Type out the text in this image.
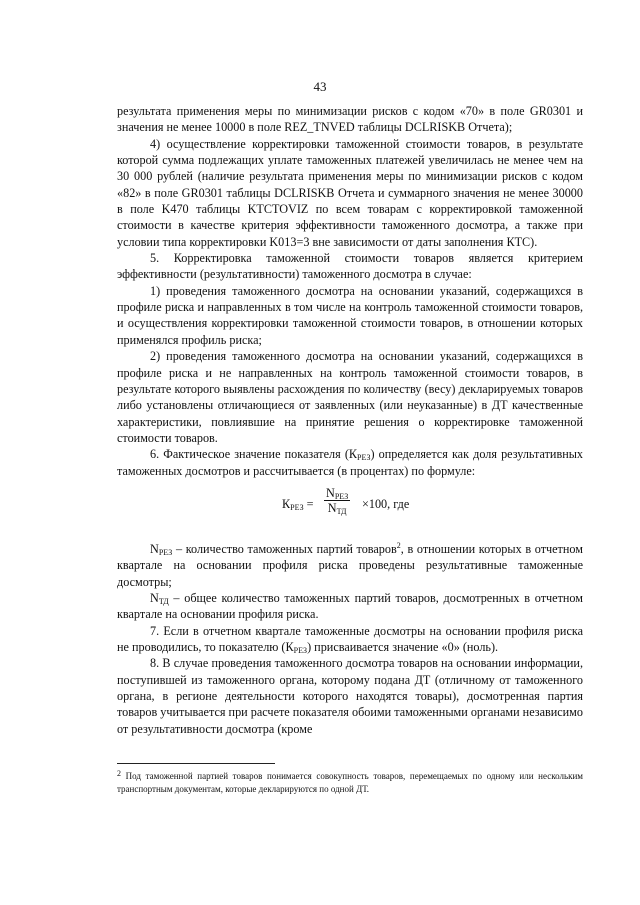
43

результата применения меры по минимизации рисков с кодом «70» в поле GR0301 и значения не менее 10000 в поле REZ_TNVED таблицы DCLRISKB Отчета);

4) осуществление корректировки таможенной стоимости товаров, в результате которой сумма подлежащих уплате таможенных платежей увеличилась не менее чем на 30 000 рублей (наличие результата применения меры по минимизации рисков с кодом «82» в поле GR0301 таблицы DCLRISKB Отчета и суммарного значения не менее 30000 в поле K470 таблицы KTCTOVIZ по всем товарам с корректировкой таможенной стоимости в качестве критерия эффективности таможенного досмотра, а также при условии типа корректировки K013=3 вне зависимости от даты заполнения КТС).

5. Корректировка таможенной стоимости товаров является критерием эффективности (результативности) таможенного досмотра в случае:

1) проведения таможенного досмотра на основании указаний, содержащихся в профиле риска и направленных в том числе на контроль таможенной стоимости товаров, и осуществления корректировки таможенной стоимости товаров, в отношении которых применялся профиль риска;

2) проведения таможенного досмотра на основании указаний, содержащихся в профиле риска и не направленных на контроль таможенной стоимости товаров, в результате которого выявлены расхождения по количеству (весу) декларируемых товаров либо установлены отличающиеся от заявленных (или неуказанные) в ДТ качественные характеристики, повлиявшие на принятие решения о корректировке таможенной стоимости товаров.

6. Фактическое значение показателя $(К_{РЕЗ})$ определяется как доля результативных таможенных досмотров и рассчитывается (в процентах) по формуле:

$К_{РЕЗ}$ =
$N_{РЕЗ}$
$N_{ТД}$
×100, где

$N_{РЕЗ}$ – количество таможенных партий товаров$^2$, в отношении которых в отчетном квартале на основании профиля риска проведены результативные таможенные досмотры;

$N_{ТД}$ – общее количество таможенных партий товаров, досмотренных в отчетном квартале на основании профиля риска.

7. Если в отчетном квартале таможенные досмотры на основании профиля риска не проводились, то показателю $(К_{РЕЗ})$ присваивается значение «0» (ноль).

8. В случае проведения таможенного досмотра товаров на основании информации, поступившей из таможенного органа, которому подана ДТ (отличному от таможенного органа, в регионе деятельности которого находятся товары), досмотренная партия товаров учитывается при расчете показателя обоими таможенными органами независимо от результативности досмотра (кроме

$^2$ Под таможенной партией товаров понимается совокупность товаров, перемещаемых по одному или нескольким транспортным документам, которые декларируются по одной ДТ.
